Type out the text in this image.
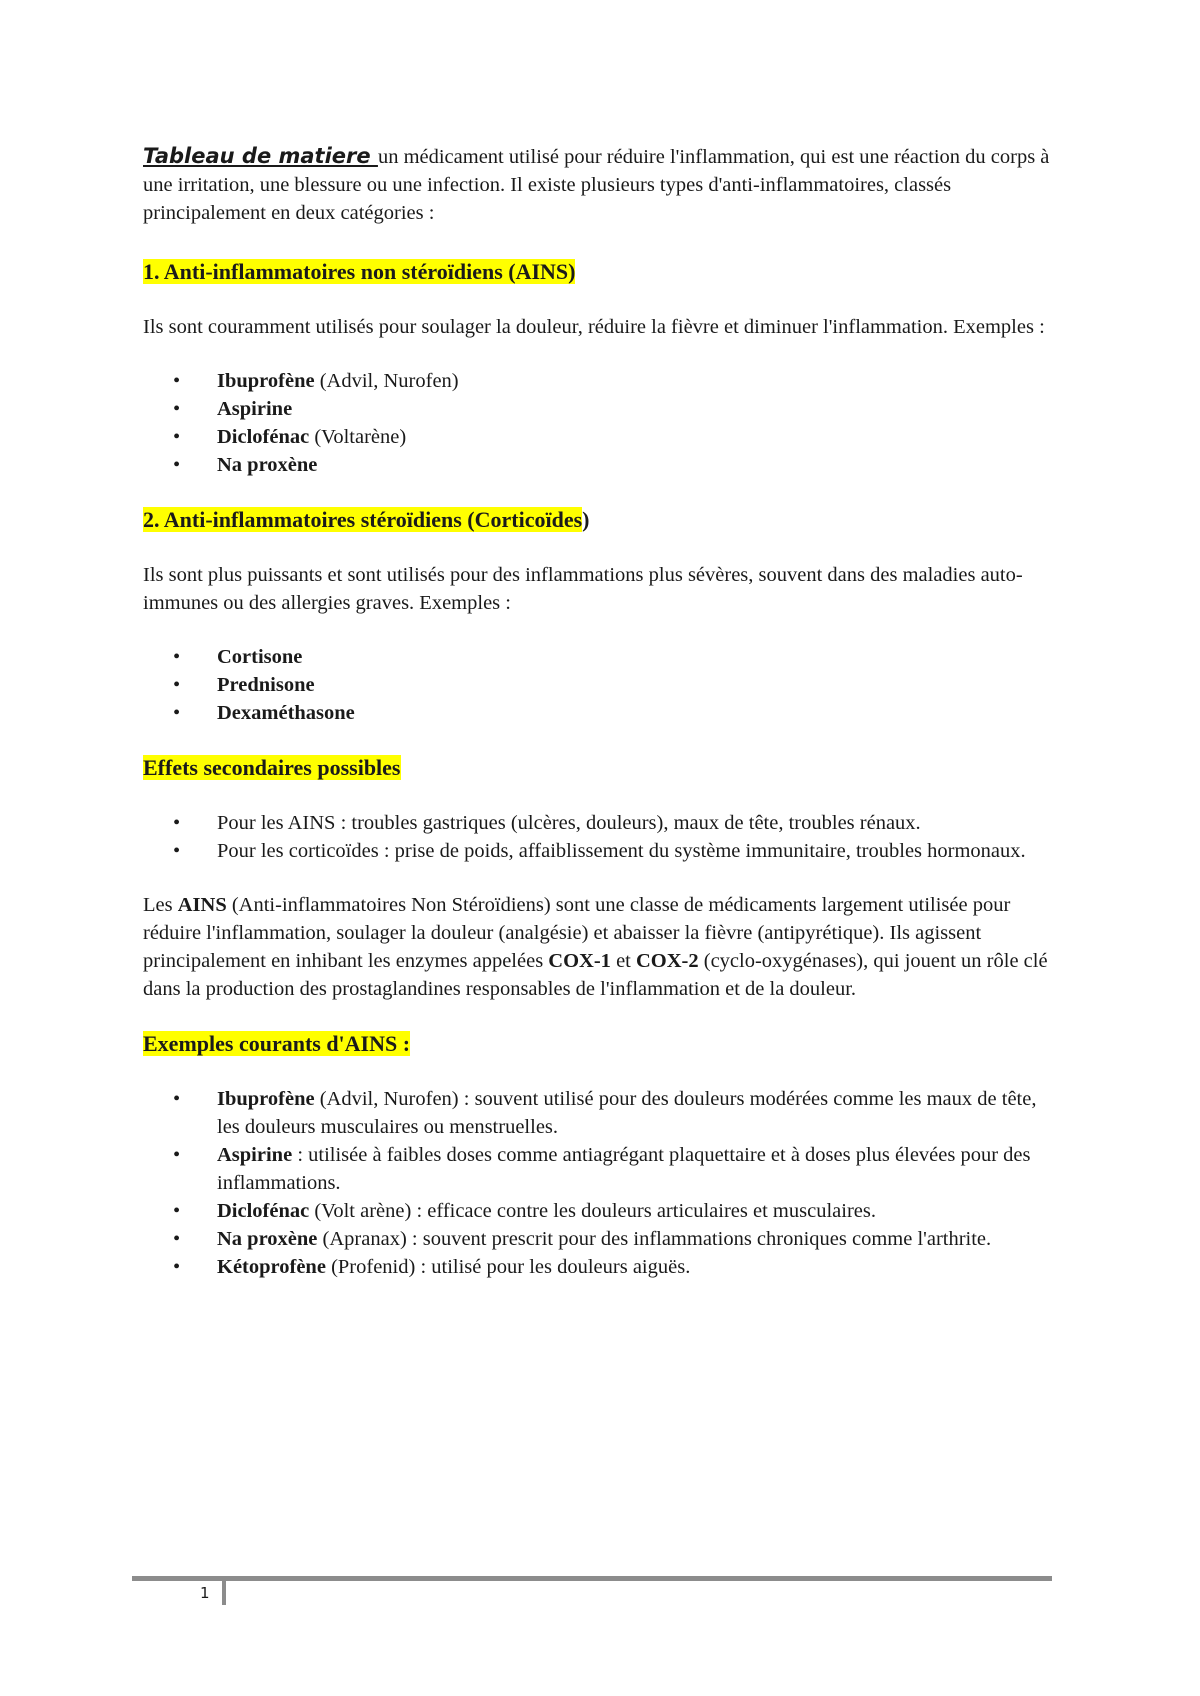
Tableau de matiere un médicament utilisé pour réduire l'inflammation, qui est une réaction du corps à une irritation, une blessure ou une infection. Il existe plusieurs types d'anti-inflammatoires, classés principalement en deux catégories :

1. Anti-inflammatoires non stéroïdiens (AINS)

Ils sont couramment utilisés pour soulager la douleur, réduire la fièvre et diminuer l'inflammation. Exemples :

• Ibuprofène (Advil, Nurofen)
• Aspirine
• Diclofénac (Voltarène)
• Na proxène
2. Anti-inflammatoires stéroïdiens (Corticoïdes)

Ils sont plus puissants et sont utilisés pour des inflammations plus sévères, souvent dans des maladies auto-immunes ou des allergies graves. Exemples :

• Cortisone
• Prednisone
• Dexaméthasone
Effets secondaires possibles
• Pour les AINS : troubles gastriques (ulcères, douleurs), maux de tête, troubles rénaux.
• Pour les corticoïdes : prise de poids, affaiblissement du système immunitaire, troubles hormonaux.

Les AINS (Anti-inflammatoires Non Stéroïdiens) sont une classe de médicaments largement utilisée pour réduire l'inflammation, soulager la douleur (analgésie) et abaisser la fièvre (antipyrétique). Ils agissent principalement en inhibant les enzymes appelées COX-1 et COX-2 (cyclo-oxygénases), qui jouent un rôle clé dans la production des prostaglandines responsables de l'inflammation et de la douleur.

Exemples courants d'AINS :
• Ibuprofène (Advil, Nurofen) : souvent utilisé pour des douleurs modérées comme les maux de tête, les douleurs musculaires ou menstruelles.
• Aspirine : utilisée à faibles doses comme antiagrégant plaquettaire et à doses plus élevées pour des inflammations.
• Diclofénac (Volt arène) : efficace contre les douleurs articulaires et musculaires.
• Na proxène (Apranax) : souvent prescrit pour des inflammations chroniques comme l'arthrite.
• Kétoprofène (Profenid) : utilisé pour les douleurs aiguës.
1
